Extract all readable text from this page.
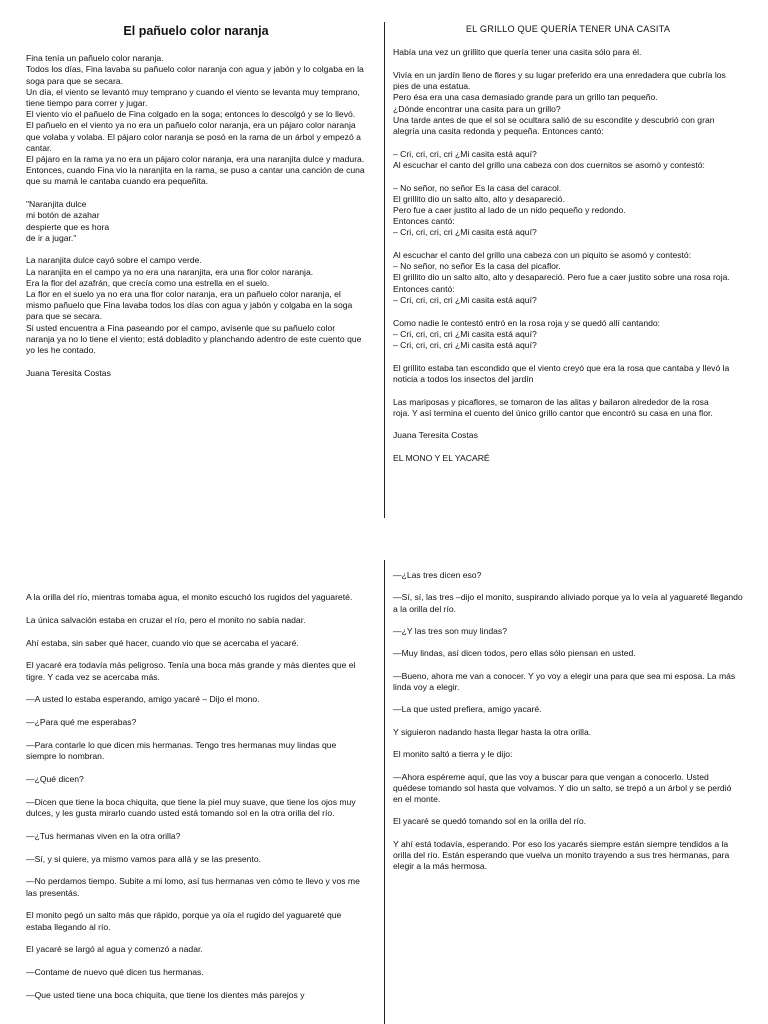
El pañuelo color naranja

Fina tenía un pañuelo color naranja.
Todos los días, Fina lavaba su pañuelo color naranja con agua y jabón y lo colgaba en la soga para que se secara.
Un día, el viento se levantó muy temprano y cuando el viento se levanta muy temprano, tiene tiempo para correr y jugar.
El viento vio el pañuelo de Fina colgado en la soga; entonces lo descolgó y se lo llevó.
El pañuelo en el viento ya no era un pañuelo color naranja, era un pájaro color naranja que volaba y volaba. El pájaro color naranja se posó en la rama de un árbol y empezó a cantar.
El pájaro en la rama ya no era un pájaro color naranja, era una naranjita dulce y madura.
Entonces, cuando Fina vio la naranjita en la rama, se puso a cantar una canción de cuna que su mamá le cantaba cuando era pequeñita.

"Naranjita dulce
mi botón de azahar
despierte que es hora
de ir a jugar."

La naranjita dulce cayó sobre el campo verde.
La naranjita en el campo ya no era una naranjita, era una flor color naranja.
Era la flor del azafrán, que crecía como una estrella en el suelo.
La flor en el suelo ya no era una flor color naranja, era un pañuelo color naranja, el mismo pañuelo que Fina lavaba todos los días con agua y jabón y colgaba en la soga para que se secara.
Si usted encuentra a Fina paseando por el campo, avísenle que su pañuelo color naranja ya no lo tiene el viento; está dobladito y planchando adentro de este cuento que yo les he contado.

Juana Teresita Costas

EL GRILLO QUE QUERÍA TENER UNA CASITA

Había una vez un grillito que quería tener una casita sólo para él.

Vivía en un jardín lleno de flores y su lugar preferido era una enredadera que cubría los pies de una estatua.
Pero ésa era una casa demasiado grande para un grillo tan pequeño.
¿Dónde encontrar una casita para un grillo?
Una tarde antes de que el sol se ocultara salió de su escondite y descubrió con gran alegría una casita redonda y pequeña. Entonces cantó:

– Cri, cri, cri, cri ¿Mi casita está aquí?
Al escuchar el canto del grillo una cabeza con dos cuernitos se asomó y contestó:

– No señor, no señor Es la casa del caracol.
El grillito dio un salto alto, alto y desapareció.
Pero fue a caer justito al lado de un nido pequeño y redondo.
Entonces cantó:
– Cri, cri, cri, cri ¿Mi casita está aquí?

Al escuchar el canto del grillo una cabeza con un piquito se asomó y contestó:
– No señor, no señor Es la casa del picaflor.
El grillito dio un salto alto, alto y desapareció. Pero fue a caer justito sobre una rosa roja. Entonces cantó:
– Cri, cri, cri, cri ¿Mi casita está aquí?

Como nadie le contestó entró en la rosa roja y se quedó allí cantando:
– Cri, cri, cri, cri ¿Mi casita está aquí?
– Cri, cri, cri, cri ¿Mi casita está aquí?

El grillito estaba tan escondido que el viento creyó que era la rosa que cantaba y llevó la noticia a todos los insectos del jardín

Las mariposas y picaflores, se tomaron de las alitas y bailaron alrededor de la rosa
roja. Y así termina el cuento del único grillo cantor que encontró su casa en una flor.

Juana Teresita Costas

EL MONO Y EL YACARÉ

A la orilla del río, mientras tomaba agua, el monito escuchó los rugidos del yaguareté.

La única salvación estaba en cruzar el río, pero el monito no sabía nadar.

Ahí estaba, sin saber qué hacer, cuando vio que se acercaba el yacaré.

El yacaré era todavía más peligroso. Tenía una boca más grande y más dientes que el tigre. Y cada vez se acercaba más.

—A usted lo estaba esperando, amigo yacaré – Dijo el mono.

—¿Para qué me esperabas?

—Para contarle lo que dicen mis hermanas. Tengo tres hermanas muy lindas que siempre lo nombran.

—¿Qué dicen?

—Dicen que tiene la boca chiquita, que tiene la piel muy suave, que tiene los ojos muy dulces, y les gusta mirarlo cuando usted está tomando sol en la otra orilla del río.

—¿Tus hermanas viven en la otra orilla?

—Sí, y si quiere, ya mismo vamos para allá y se las presento.

—No perdamos tiempo. Subite a mi lomo, así tus hermanas ven cómo te llevo y vos me las presentás.

El monito pegó un salto más que rápido, porque ya oía el rugido del yaguareté que estaba llegando al río.

El yacaré se largó al agua y comenzó a nadar.

—Contame de nuevo qué dicen tus hermanas.

—Que usted tiene una boca chiquita, que tiene los dientes más parejos y

—¿Las tres dicen eso?

—Sí, sí, las tres –dijo el monito, suspirando aliviado porque ya lo veía al yaguareté llegando a la orilla del río.

—¿Y las tres son muy lindas?

—Muy lindas, así dicen todos, pero ellas sólo piensan en usted.

—Bueno, ahora me van a conocer. Y yo voy a elegir una para que sea mi esposa. La más linda voy a elegir.

—La que usted prefiera, amigo yacaré.

Y siguieron nadando hasta llegar hasta la otra orilla.

El monito saltó a tierra y le dijo:

—Ahora espéreme aquí, que las voy a buscar para que vengan a conocerlo. Usted quédese tomando sol hasta que volvamos. Y dio un salto, se trepó a un árbol y se perdió en el monte.

El yacaré se quedó tomando sol en la orilla del río.

Y ahí está todavía, esperando. Por eso los yacarés siempre están siempre tendidos a la orilla del río. Están esperando que vuelva un monito trayendo a sus tres hermanas, para elegir a la más hermosa.
